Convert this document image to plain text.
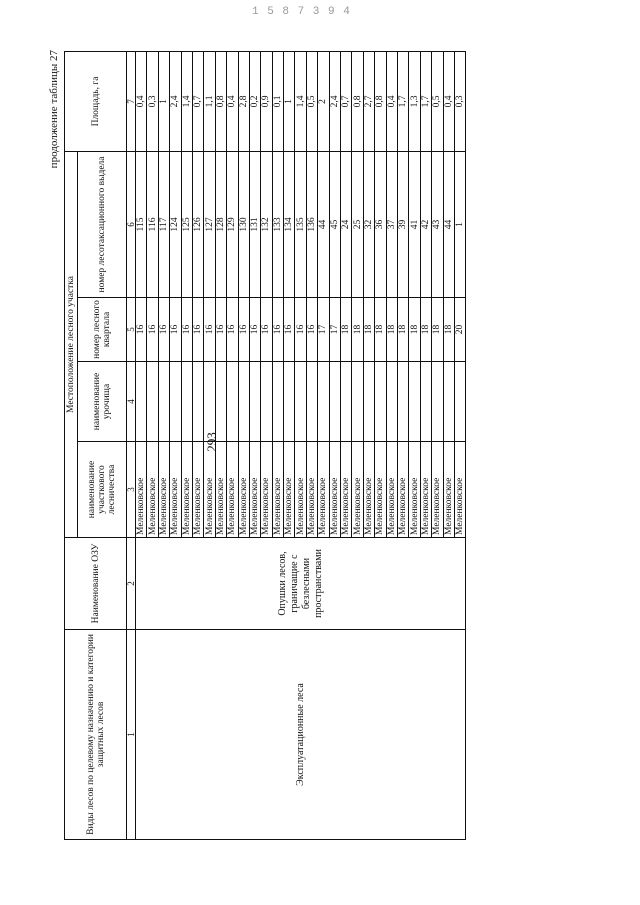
1 5 8 7 3 9 4
293
продолжение таблицы 27
Виды лесов по целевому назначению и категории защитных лесов	Наименование ОЗУ	Местоположение лесного участка				Площадь, га
		наименование участкового лесничества	наименование урочища	номер лесного квартала	номер лесотаксационного выдела	
1	2	3	4	5	6	7
Эксплуатационные леса	Опушки лесов, граничащие с безлесными пространствами	Меленковское		16	115	0,4
		Меленковское		16	116	0,3
		Меленковское		16	117	1
		Меленковское		16	124	2,4
		Меленковское		16	125	1,4
		Меленковское		16	126	0,7
		Меленковское		16	127	1,1
		Меленковское		16	128	0,8
		Меленковское		16	129	0,4
		Меленковское		16	130	2,8
		Меленковское		16	131	0,2
		Меленковское		16	132	0,9
		Меленковское		16	133	0,1
		Меленковское		16	134	1
		Меленковское		16	135	1,4
		Меленковское		16	136	0,5
		Меленковское		17	44	2
		Меленковское		17	45	2,4
		Меленковское		18	24	0,7
		Меленковское		18	25	0,8
		Меленковское		18	32	2,7
		Меленковское		18	36	0,8
		Меленковское		18	37	0,4
		Меленковское		18	39	1,7
		Меленковское		18	41	1,3
		Меленковское		18	42	1,7
		Меленковское		18	43	0,5
		Меленковское		18	44	0,4
		Меленковское		20	1	0,3
